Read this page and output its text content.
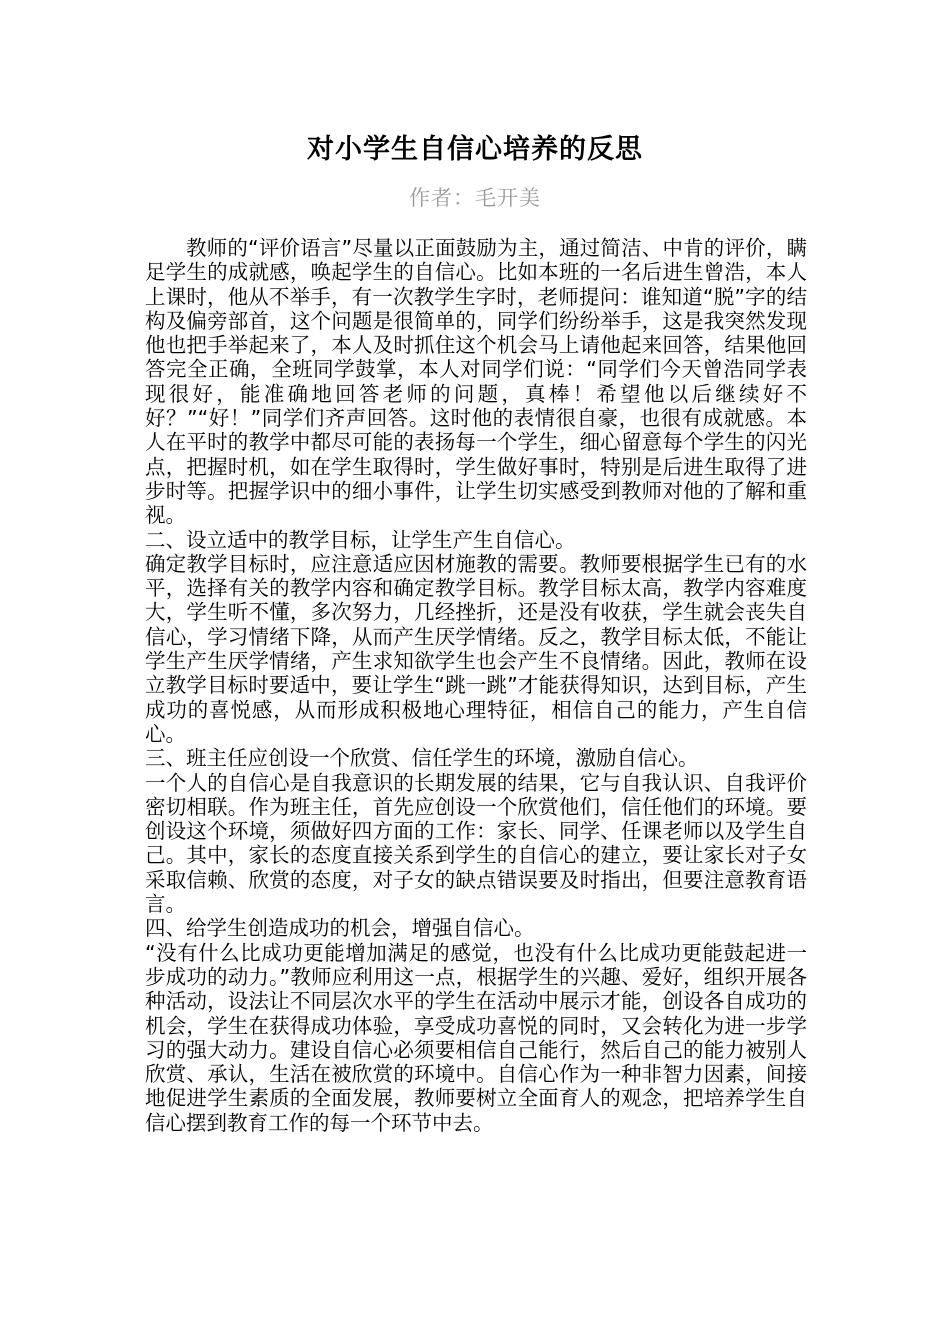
对小学生自信心培养的反思
作者：毛开美

教师的“评价语言”尽量以正面鼓励为主，通过简洁、中肯的评价，瞒足学生的成就感，唤起学生的自信心。比如本班的一名后进生曾浩，本人上课时，他从不举手，有一次教学生字时，老师提问：谁知道“脱”字的结构及偏旁部首，这个问题是很简单的，同学们纷纷举手，这是我突然发现他也把手举起来了，本人及时抓住这个机会马上请他起来回答，结果他回答完全正确，全班同学鼓掌，本人对同学们说：“同学们今天曾浩同学表现很好，能准确地回答老师的问题，真棒！希望他以后继续好不好？”“好！”同学们齐声回答。这时他的表情很自豪，也很有成就感。本人在平时的教学中都尽可能的表扬每一个学生，细心留意每个学生的闪光点，把握时机，如在学生取得时，学生做好事时，特别是后进生取得了进步时等。把握学识中的细小事件，让学生切实感受到教师对他的了解和重视。

二、设立适中的教学目标，让学生产生自信心。

确定教学目标时，应注意适应因材施教的需要。教师要根据学生已有的水平，选择有关的教学内容和确定教学目标。教学目标太高，教学内容难度大，学生听不懂，多次努力，几经挫折，还是没有收获，学生就会丧失自信心，学习情绪下降，从而产生厌学情绪。反之，教学目标太低，不能让学生产生厌学情绪，产生求知欲学生也会产生不良情绪。因此，教师在设立教学目标时要适中，要让学生“跳一跳”才能获得知识，达到目标，产生成功的喜悦感，从而形成积极地心理特征，相信自己的能力，产生自信心。

三、班主任应创设一个欣赏、信任学生的环境，激励自信心。

一个人的自信心是自我意识的长期发展的结果，它与自我认识、自我评价密切相联。作为班主任，首先应创设一个欣赏他们，信任他们的环境。要创设这个环境，须做好四方面的工作：家长、同学、任课老师以及学生自己。其中，家长的态度直接关系到学生的自信心的建立，要让家长对子女采取信赖、欣赏的态度，对子女的缺点错误要及时指出，但要注意教育语言。

四、给学生创造成功的机会，增强自信心。

“没有什么比成功更能增加满足的感觉，也没有什么比成功更能鼓起进一步成功的动力。”教师应利用这一点，根据学生的兴趣、爱好，组织开展各种活动，设法让不同层次水平的学生在活动中展示才能，创设各自成功的机会，学生在获得成功体验，享受成功喜悦的同时，又会转化为进一步学习的强大动力。建设自信心必须要相信自己能行，然后自己的能力被别人欣赏、承认，生活在被欣赏的环境中。自信心作为一种非智力因素，间接地促进学生素质的全面发展，教师要树立全面育人的观念，把培养学生自信心摆到教育工作的每一个环节中去。
